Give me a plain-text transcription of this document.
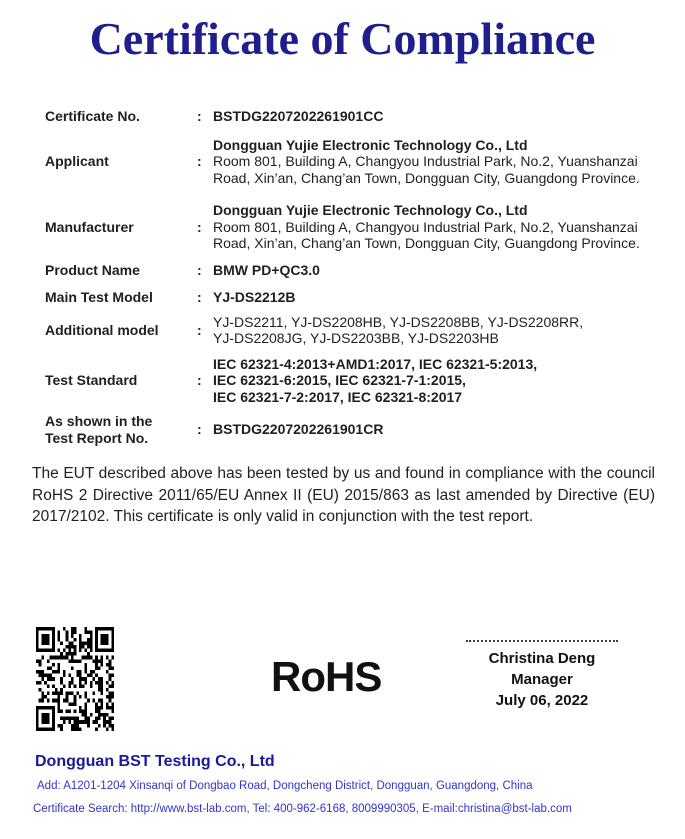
Certificate of Compliance
Certificate No.	: BSTDG2207202261901CC
Applicant	:
Dongguan Yujie Electronic Technology Co., Ltd
Room 801, Building A, Changyou Industrial Park, No.2, Yuanshanzai
Road, Xin’an, Chang’an Town, Dongguan City, Guangdong Province.
Manufacturer	:
Dongguan Yujie Electronic Technology Co., Ltd
Room 801, Building A, Changyou Industrial Park, No.2, Yuanshanzai
Road, Xin’an, Chang’an Town, Dongguan City, Guangdong Province.
Product Name	: BMW PD+QC3.0
Main Test Model	: YJ-DS2212B
Additional model	:
YJ-DS2211, YJ-DS2208HB, YJ-DS2208BB, YJ-DS2208RR,
YJ-DS2208JG, YJ-DS2203BB, YJ-DS2203HB
Test Standard	:
IEC 62321-4:2013+AMD1:2017, IEC 62321-5:2013,
IEC 62321-6:2015, IEC 62321-7-1:2015,
IEC 62321-7-2:2017, IEC 62321-8:2017
As shown in the
Test Report No.
: BSTDG2207202261901CR
The EUT described above has been tested by us and found in compliance with the council RoHS 2 Directive 2011/65/EU Annex II (EU) 2015/863 as last amended by Directive (EU) 2017/2102. This certificate is only valid in conjunction with the test report.
RoHS	Christina Deng
Manager
July 06, 2022
Dongguan BST Testing Co., Ltd
Add: A1201-1204 Xinsanqi of Dongbao Road, Dongcheng District, Dongguan, Guangdong, China
Certificate Search: http://www.bst-lab.com, Tel: 400-962-6168, 8009990305, E-mail:christina@bst-lab.com
